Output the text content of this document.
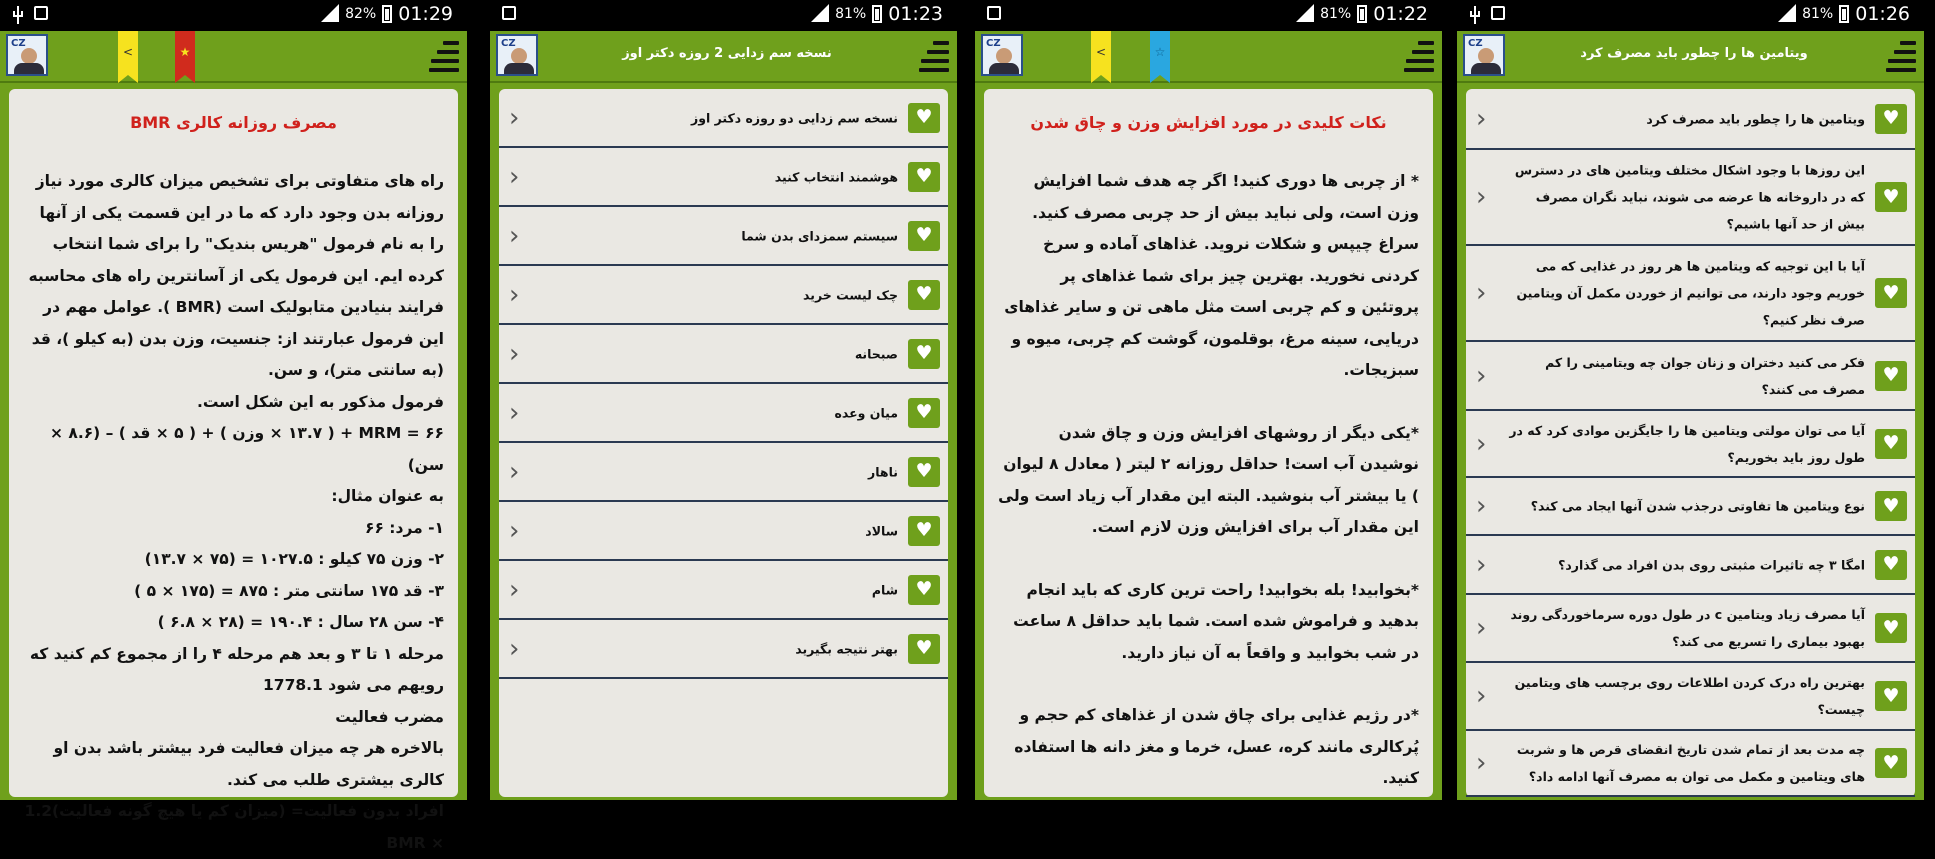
82% 01:29
CZ
<	★
مصرف روزانه کالری BMR

راه های متفاوتی برای تشخیص میزان کالری مورد نیاز روزانه بدن وجود دارد که ما در این قسمت یکی از آنها را به نام فرمول "هریس بندیک" را برای شما انتخاب کرده ایم. این فرمول یکی از آسانترین راه های محاسبه فرایند بنیادین متابولیک است (BMR ). عوامل مهم در این فرمول عبارتند از: جنسیت، وزن بدن (به کیلو )، قد (به سانتی متر)، و سن.

فرمول مذکور به این شکل است.

MRM = ۶۶ + ( ۱۳.۷ × وزن ) + ( ۵ × قد ) – (۸.۶ × سن)

به عنوان مثال:

۱- مرد: ۶۶

۲- وزن ۷۵ کیلو : ۱۰۲۷.۵ = (۷۵ × ۱۳.۷)

۳- قد ۱۷۵ سانتی متر : ۸۷۵ = (۱۷۵ × ۵ )

۴- سن ۲۸ سال : ۱۹۰.۴ = (۲۸ × ۶.۸ )

مرحله ۱ تا ۳ و بعد هم مرحله ۴ را از مجموع کم کنید که رویهم می شود 1778.1

مضرب فعالیت

بالاخره هر چه میزان فعالیت فرد بیشتر باشد بدن او کالری بیشتری طلب می کند.

افراد بدون فعالیت= (میزان کم یا هیچ گونه فعالیت)1.2 × BMR

81% 01:23
CZ
نسخه سم زدایی 2 روزه دکتر اوز
♥
نسخه سم زدایی دو روزه دکتر اوز
‹
♥
هوشمند انتخاب کنید
‹
♥
سیستم سمزدای بدن شما
‹
♥
چک لیست خرید
‹
♥
صبحانه
‹
♥
میان وعده
‹
♥
ناهار
‹
♥
سالاد
‹
♥
شام
‹
♥
بهتر نتیجه بگیرید
‹
81% 01:22
CZ
<	☆
نکات کلیدی در مورد افزایش وزن و چاق شدن

* از چربی ها دوری کنید! اگر چه هدف شما افزایش وزن است، ولی نباید بیش از حد چربی مصرف کنید. سراغ چیپس و شکلات نروید. غذاهای آماده و سرخ کردنی نخورید. بهترین چیز برای شما غذاهای پر پروتئین و کم چربی است مثل ماهی تن و سایر غذاهای دریایی، سینه مرغ، بوقلمون، گوشت کم چربی، میوه و سبزیجات.

*یکی دیگر از روشهای افزایش وزن و چاق شدن نوشیدن آب است! حداقل روزانه ۲ لیتر ( معادل ۸ لیوان ) یا بیشتر آب بنوشید. البته این مقدار آب زیاد است ولی این مقدار آب برای افزایش وزن لازم است.

*بخوابید! بله بخوابید! راحت ترین کاری که باید انجام بدهید و فراموش شده است. شما باید حداقل ۸ ساعت در شب بخوابید و واقعاً به آن نیاز دارید.

*در رژیم غذایی برای چاق شدن از غذاهای کم حجم و پُرکالری مانند کره، عسل، خرما و مغز دانه ها استفاده کنید.

81% 01:26
CZ
ویتامین ها را چطور باید مصرف کرد
♥
ویتامین ها را چطور باید مصرف کرد
‹
♥
این روزها با وجود اشکال مختلف ویتامین های در دسترس که در داروخانه ها عرضه می شوند، نباید نگران مصرف بیش از حد آنها باشیم؟
‹
♥
آیا با این توجیه که ویتامین ها هر روز در غذایی که می خوریم وجود دارند، می توانیم از خوردن مکمل آن ویتامین صرف نظر کنیم؟
‹
♥
فکر می کنید دختران و زنان جوان چه ویتامینی را کم مصرف می کنند؟
‹
♥
آیا می توان مولتی ویتامین ها را جایگزین موادی کرد که در طول روز باید بخوریم؟
‹
♥
نوع ویتامین ها تفاوتی درجذب شدن آنها ایجاد می کند؟
‹
♥
امگا ۳ چه تاثیرات مثبتی روی بدن افراد می گذارد؟
‹
♥
آیا مصرف زیاد ویتامین c در طول دوره سرماخوردگی روند بهبود بیماری را تسریع می کند؟
‹
♥
بهترین راه درک کردن اطلاعات روی برچسب های ویتامین چیست؟
‹
♥
چه مدت بعد از تمام شدن تاریخ انقضای قرص ها و شربت های ویتامین و مکمل می توان به مصرف آنها ادامه داد؟
‹
